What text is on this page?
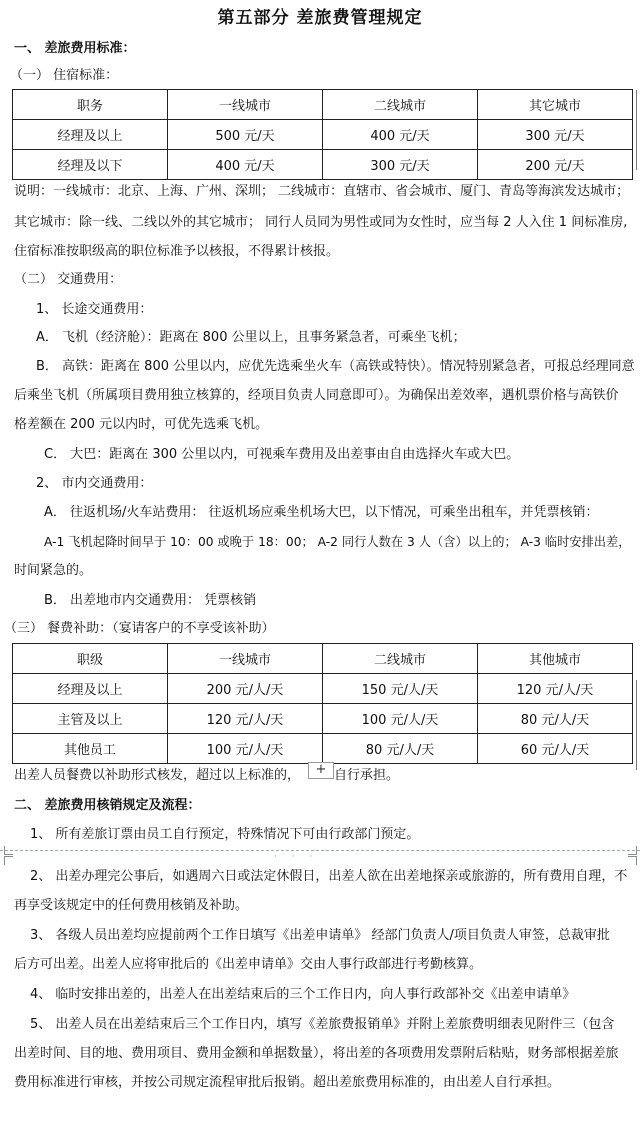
第五部分 差旅费管理规定
一、 差旅费用标准：
（一） 住宿标准：
职务	一线城市	二线城市	其它城市
经理及以上	500 元/天	400 元/天	300 元/天
经理及以下	400 元/天	300 元/天	200 元/天
说明：一线城市：北京、上海、广州、深圳； 二线城市：直辖市、省会城市、厦门、青岛等海滨发达城市；
其它城市：除一线、二线以外的其它城市； 同行人员同为男性或同为女性时，应当每 2 人入住 1 间标准房,
住宿标准按职级高的职位标准予以核报，不得累计核报。
（二） 交通费用：
1、 长途交通费用：
A． 飞机（经济舱）：距离在 800 公里以上，且事务紧急者，可乘坐飞机；
B． 高铁：距离在 800 公里以内，应优先选乘坐火车（高铁或特快）。情况特别紧急者，可报总经理同意
后乘坐飞机（所属项目费用独立核算的，经项目负责人同意即可）。为确保出差效率，遇机票价格与高铁价
格差额在 200 元以内时，可优先选乘飞机。
C． 大巴：距离在 300 公里以内，可视乘车费用及出差事由自由选择火车或大巴。
2、 市内交通费用：
A． 往返机场/火车站费用： 往返机场应乘坐机场大巴，以下情况，可乘坐出租车，并凭票核销：
A-1 飞机起降时间早于 10：00 或晚于 18：00； A-2 同行人数在 3 人（含）以上的； A-3 临时安排出差，
时间紧急的。
B． 出差地市内交通费用： 凭票核销
（三） 餐费补助：（宴请客户的不享受该补助）
职级	一线城市	二线城市	其他城市
经理及以上	200 元/人/天	150 元/人/天	120 元/人/天
主管及以上	120 元/人/天	100 元/人/天	80 元/人/天
其他员工	100 元/人/天	80 元/人/天	60 元/人/天
出差人员餐费以补助形式核发，超过以上标准的，	自行承担。
+
二、 差旅费用核销规定及流程：
1、 所有差旅订票由员工自行预定，特殊情况下可由行政部门预定。
· · ·
2、 出差办理完公事后，如遇周六日或法定休假日，出差人欲在出差地探亲或旅游的，所有费用自理，不
再享受该规定中的任何费用核销及补助。
3、 各级人员出差均应提前两个工作日填写《出差申请单》 经部门负责人/项目负责人审签，总裁审批
后方可出差。出差人应将审批后的《出差申请单》交由人事行政部进行考勤核算。
4、 临时安排出差的，出差人在出差结束后的三个工作日内，向人事行政部补交《出差申请单》
5、 出差人员在出差结束后三个工作日内，填写《差旅费报销单》并附上差旅费明细表见附件三（包含
出差时间、目的地、费用项目、费用金额和单据数量），将出差的各项费用发票附后粘贴，财务部根据差旅
费用标准进行审核，并按公司规定流程审批后报销。超出差旅费用标准的，由出差人自行承担。
